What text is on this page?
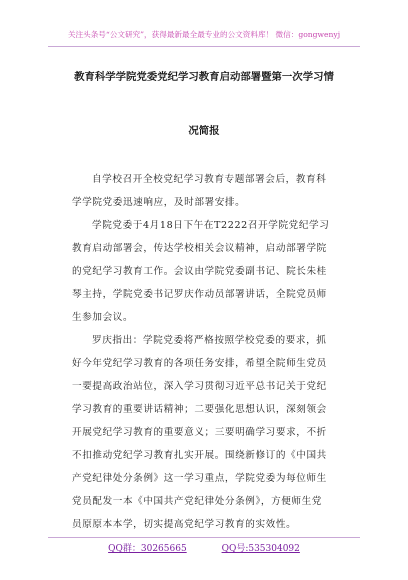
关注头条号“公文研究”，获得最新最全最专业的公文资料库！ 微信：gongwenyj
教育科学学院党委党纪学习教育启动部署暨第一次学习情
况简报
自学校召开全校党纪学习教育专题部署会后，教育科
学学院党委迅速响应，及时部署安排。
学院党委于4月18日下午在T2222召开学院党纪学习
教育启动部署会，传达学校相关会议精神，启动部署学院
的党纪学习教育工作。会议由学院党委副书记、院长朱桂
琴主持，学院党委书记罗庆作动员部署讲话，全院党员师
生参加会议。
罗庆指出：学院党委将严格按照学校党委的要求，抓
好今年党纪学习教育的各项任务安排，希望全院师生党员
一要提高政治站位，深入学习贯彻习近平总书记关于党纪
学习教育的重要讲话精神；二要强化思想认识，深刻领会
开展党纪学习教育的重要意义；三要明确学习要求，不折
不扣推动党纪学习教育扎实开展。围绕新修订的《中国共
产党纪律处分条例》这一学习重点，学院党委为每位师生
党员配发一本《中国共产党纪律处分条例》，方便师生党
员原原本本学，切实提高党纪学习教育的实效性。
QQ群：30265665	QQ号:535304092
